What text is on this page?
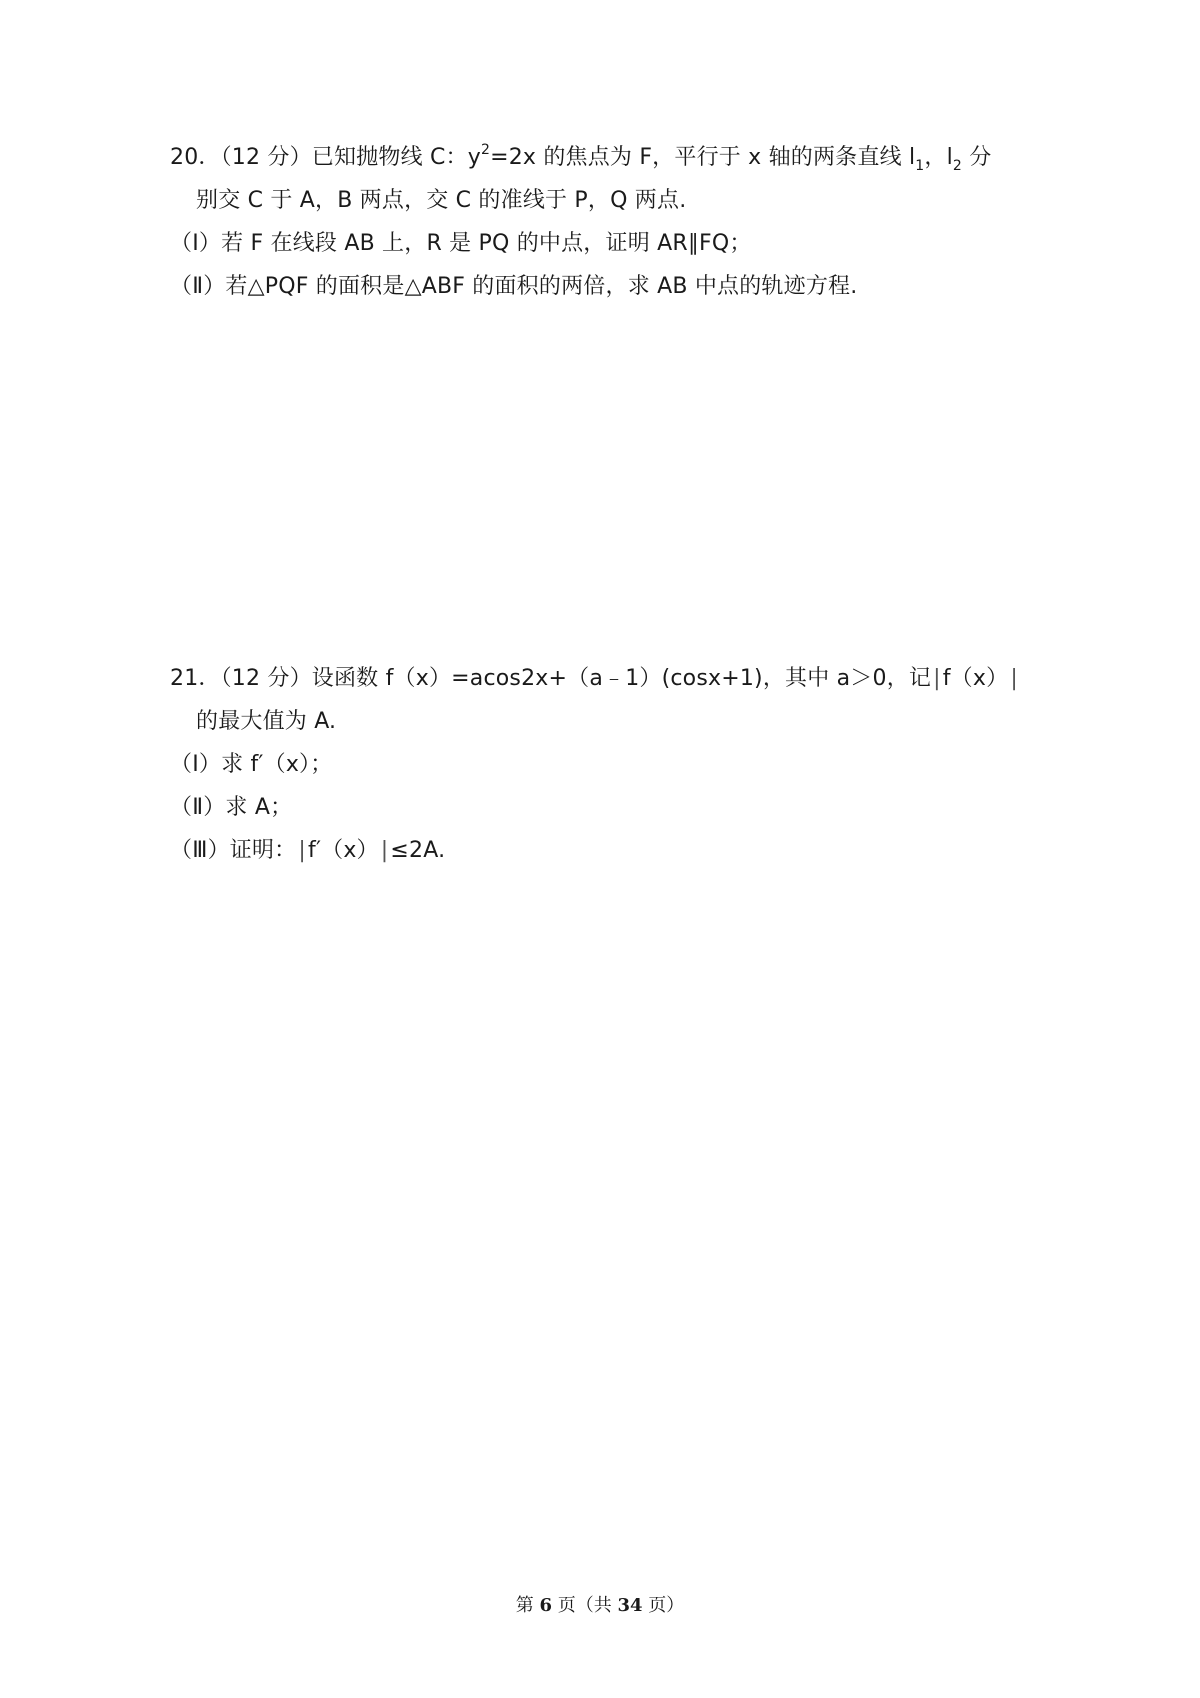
20．（12 分）已知抛物线 C：$y^2=2x$ 的焦点为 F，平行于 x 轴的两条直线 $l_1$，$l_2$ 分
别交 C 于 A，B 两点，交 C 的准线于 P，Q 两点.
（Ⅰ）若 F 在线段 AB 上，R 是 PQ 的中点，证明 AR∥FQ；
（Ⅱ）若△PQF 的面积是△ABF 的面积的两倍，求 AB 中点的轨迹方程.
21．（12 分）设函数 f（x）=acos2x+（a﹣1）(cosx+1)，其中 a＞0，记|f（x）|
的最大值为 A.
（Ⅰ）求 f′（x）；
（Ⅱ）求 A；
（Ⅲ）证明：|f′（x）|≤2A.
第 6 页（共 34 页）
